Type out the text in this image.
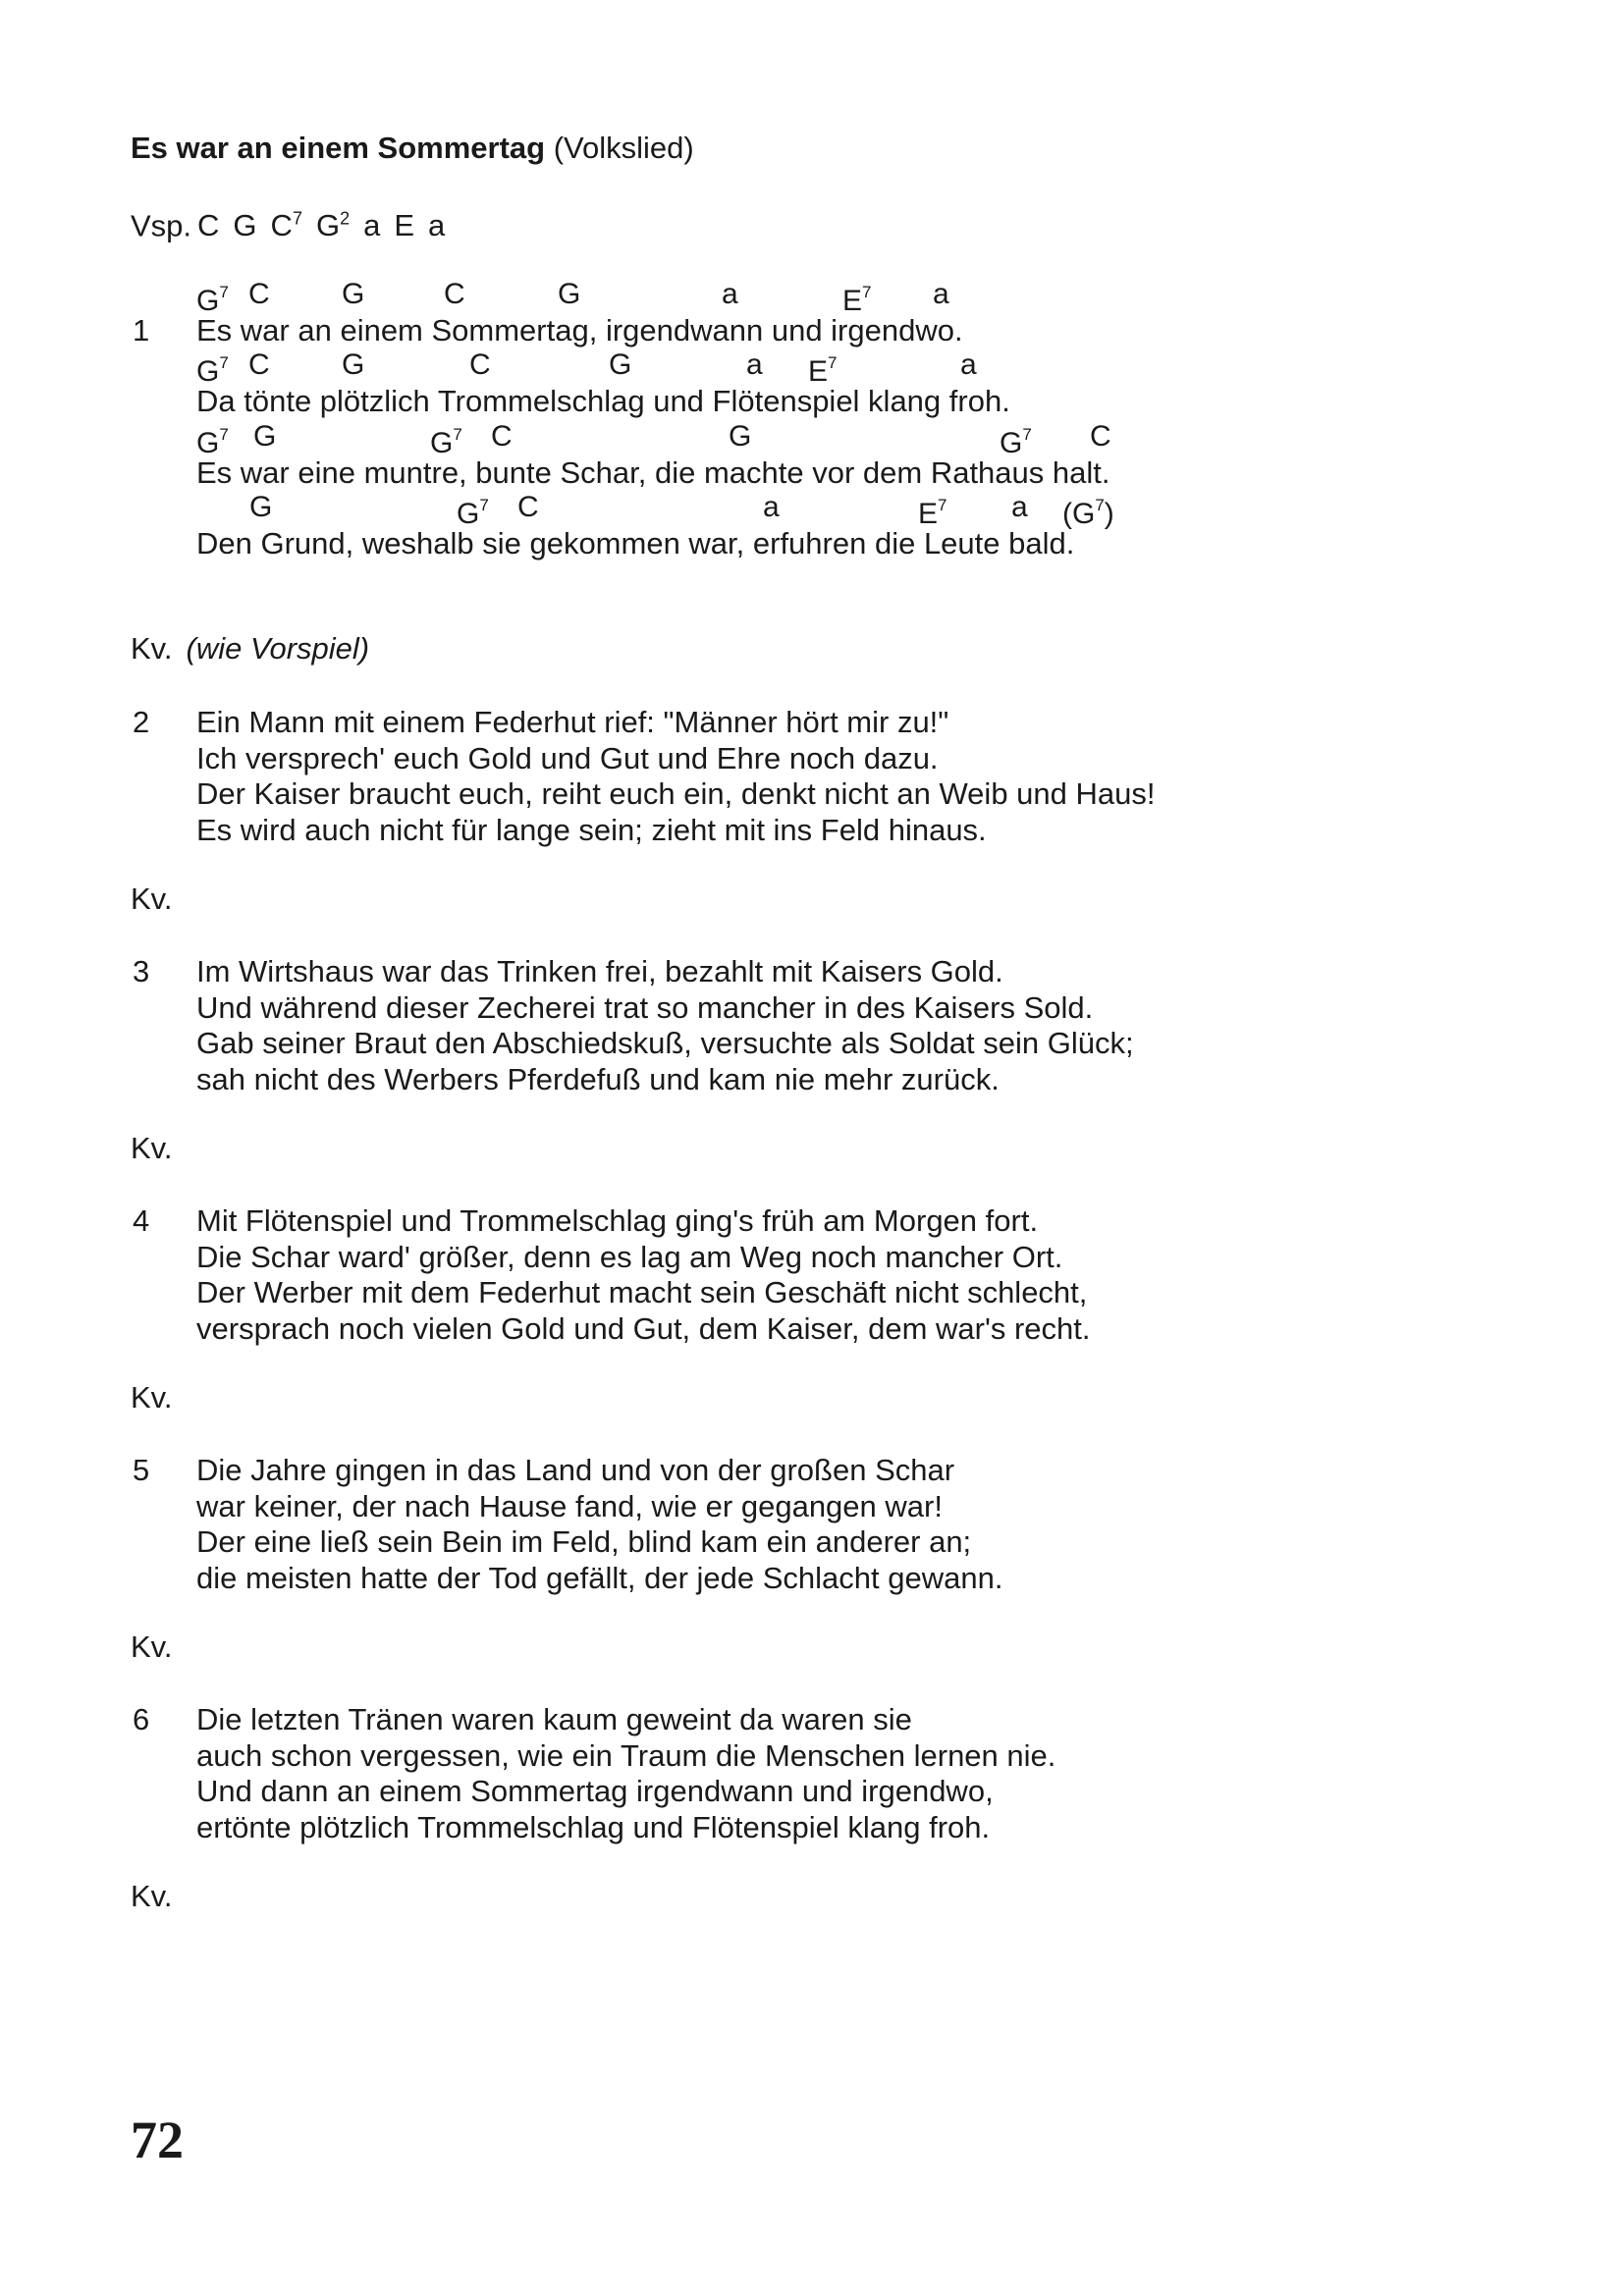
Es war an einem Sommertag (Volkslied)
Vsp. C G $C^7$ $G^2$ a E a
1
$G^7$ C G	C	G	a	$E^7$ a
$G^7$ C G	C	G	a $E^7$	a
$G^7$ G	$G^7$ C	G	$G^7$ C
G	$G^7$ C	a	$E^7$ a $(G^7)$
Es war an einem Sommertag, irgendwann und irgendwo.
Da tönte plötzlich Trommelschlag und Flötenspiel klang froh.
Es war eine muntre, bunte Schar, die machte vor dem Rathaus halt.
Den Grund, weshalb sie gekommen war, erfuhren die Leute bald.
Kv. (wie Vorspiel)
2 Ein Mann mit einem Federhut rief: "Männer hört mir zu!"
Ich versprech' euch Gold und Gut und Ehre noch dazu.
Der Kaiser braucht euch, reiht euch ein, denkt nicht an Weib und Haus!
Es wird auch nicht für lange sein; zieht mit ins Feld hinaus.
Kv.
3 Im Wirtshaus war das Trinken frei, bezahlt mit Kaisers Gold.
Und während dieser Zecherei trat so mancher in des Kaisers Sold.
Gab seiner Braut den Abschiedskuß, versuchte als Soldat sein Glück;
sah nicht des Werbers Pferdefuß und kam nie mehr zurück.
Kv.
4 Mit Flötenspiel und Trommelschlag ging's früh am Morgen fort.
Die Schar ward' größer, denn es lag am Weg noch mancher Ort.
Der Werber mit dem Federhut macht sein Geschäft nicht schlecht,
versprach noch vielen Gold und Gut, dem Kaiser, dem war's recht.
Kv.
5 Die Jahre gingen in das Land und von der großen Schar
war keiner, der nach Hause fand, wie er gegangen war!
Der eine ließ sein Bein im Feld, blind kam ein anderer an;
die meisten hatte der Tod gefällt, der jede Schlacht gewann.
Kv.
6 Die letzten Tränen waren kaum geweint da waren sie
auch schon vergessen, wie ein Traum die Menschen lernen nie.
Und dann an einem Sommertag irgendwann und irgendwo,
ertönte plötzlich Trommelschlag und Flötenspiel klang froh.
Kv.
72
